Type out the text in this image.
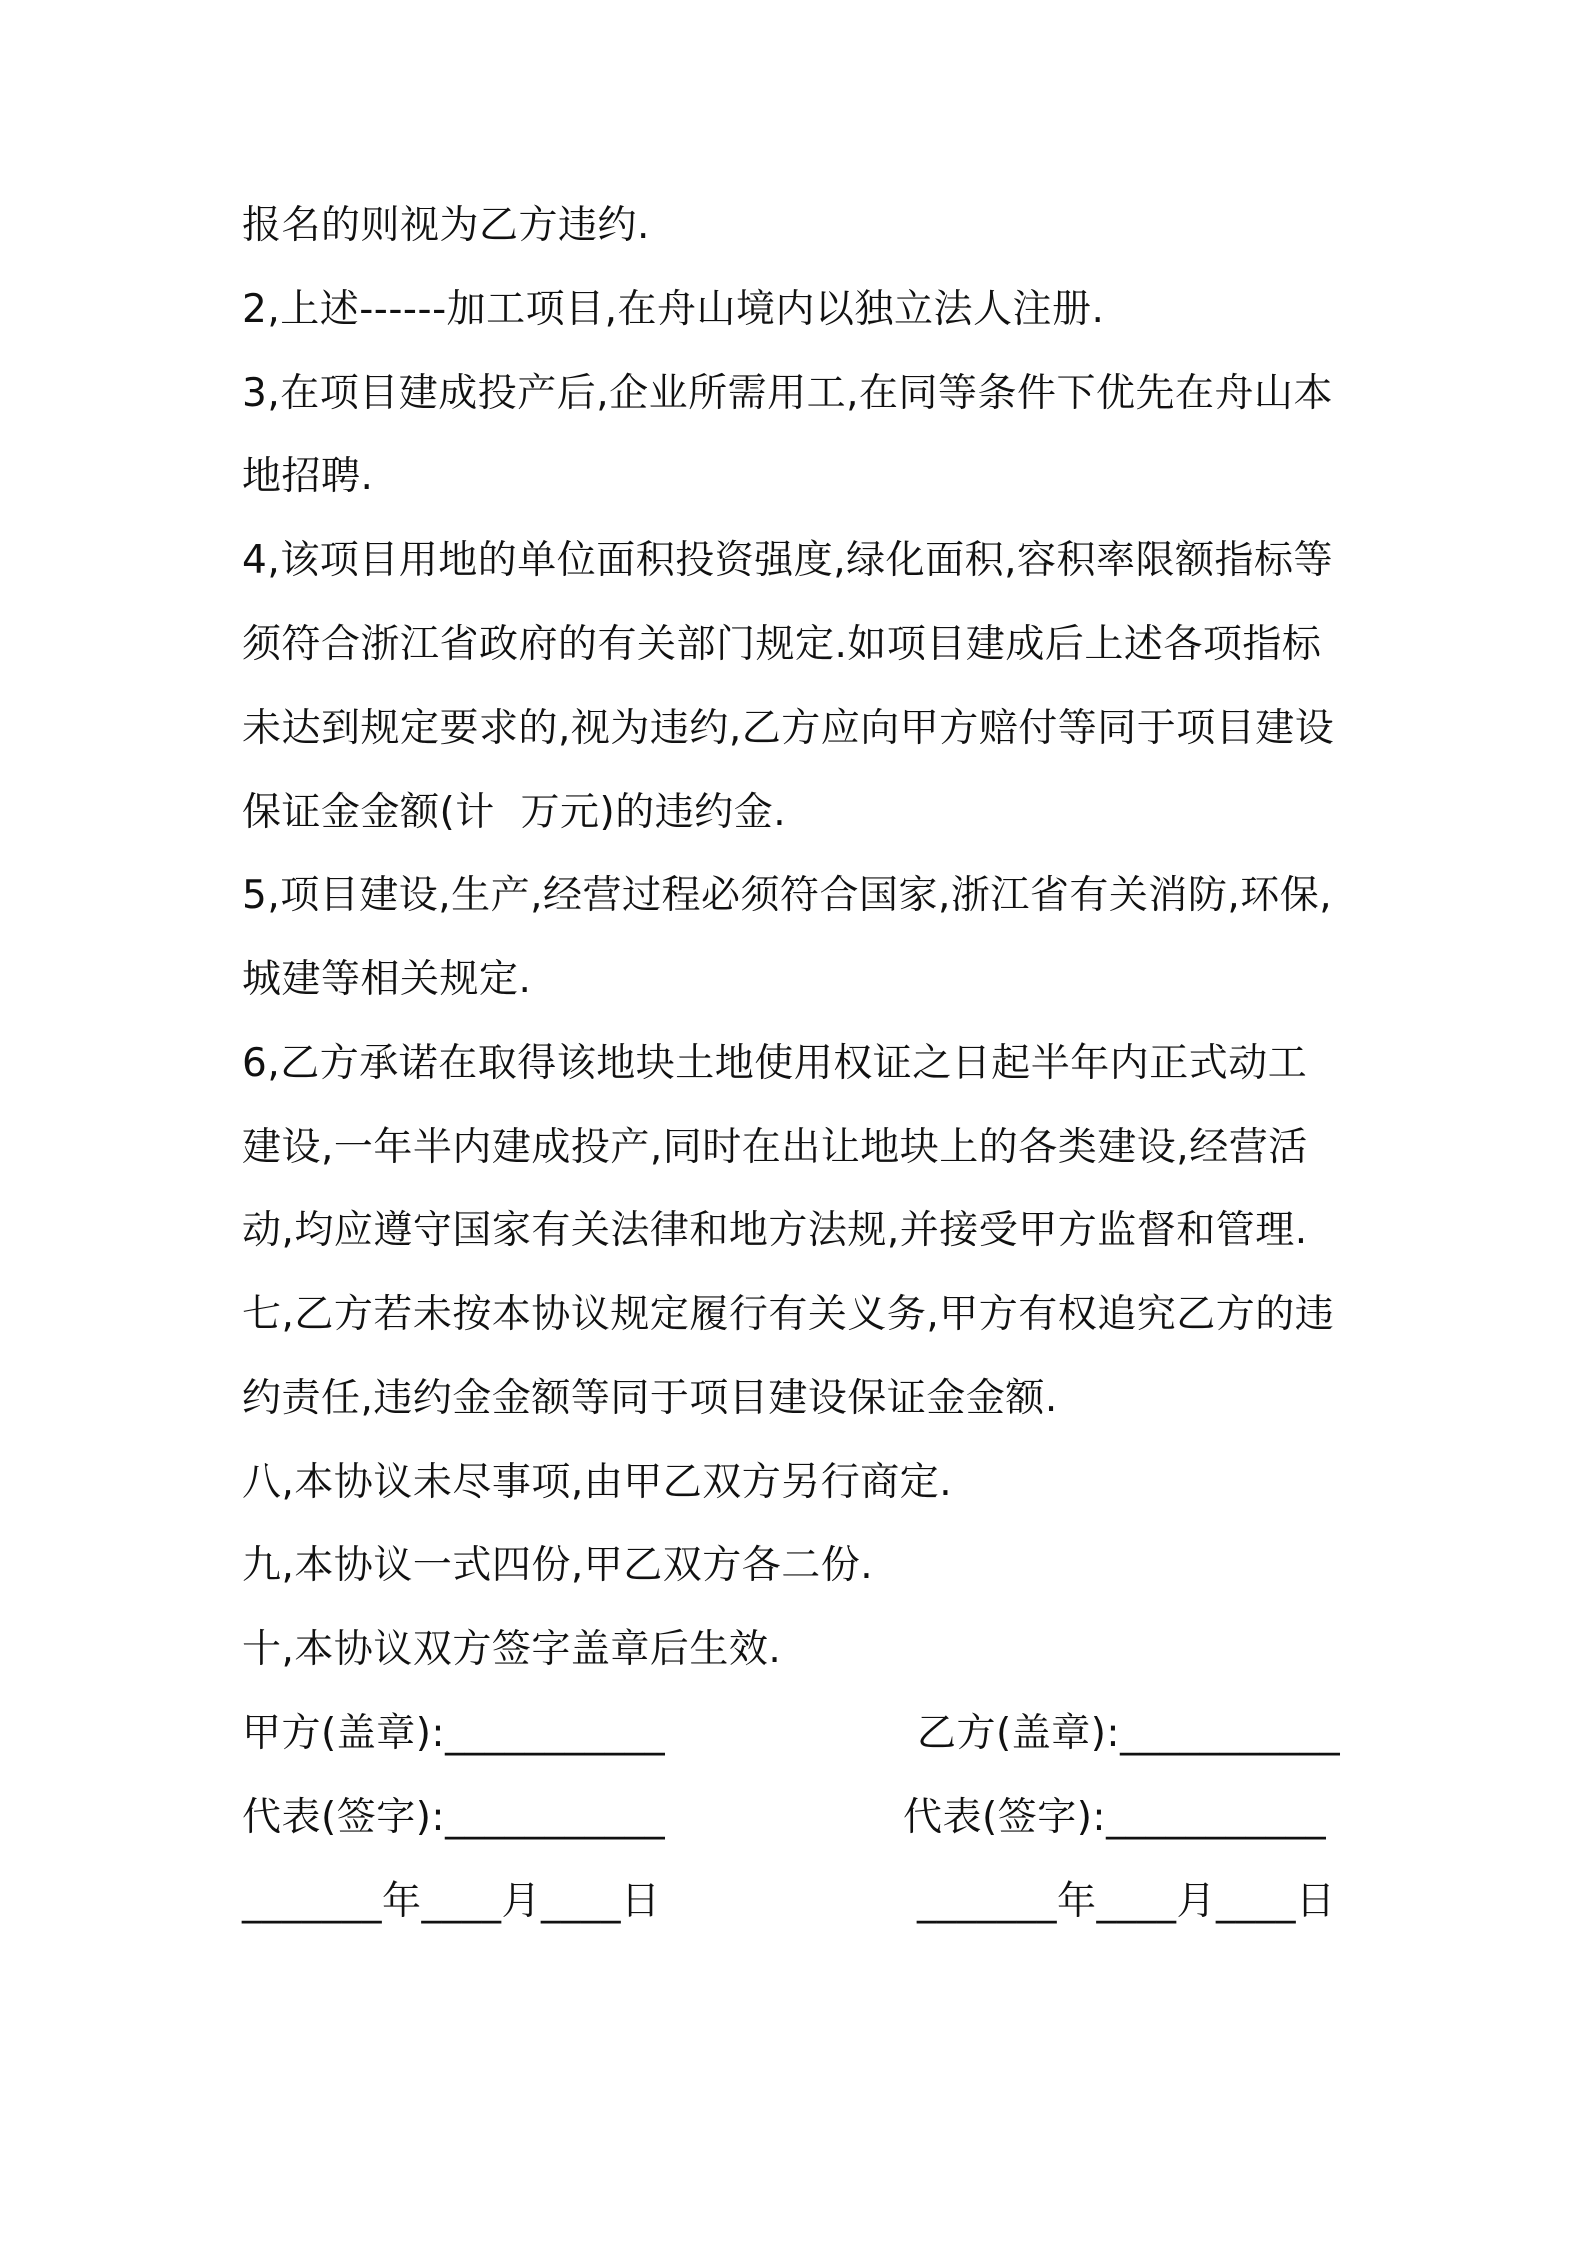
报名的则视为乙方违约.
2,上述------加工项目,在舟山境内以独立法人注册.
3,在项目建成投产后,企业所需用工,在同等条件下优先在舟山本
地招聘.
4,该项目用地的单位面积投资强度,绿化面积,容积率限额指标等
须符合浙江省政府的有关部门规定.如项目建成后上述各项指标
未达到规定要求的,视为违约,乙方应向甲方赔付等同于项目建设
保证金金额(计  万元)的违约金.
5,项目建设,生产,经营过程必须符合国家,浙江省有关消防,环保,
城建等相关规定.
6,乙方承诺在取得该地块土地使用权证之日起半年内正式动工
建设,一年半内建成投产,同时在出让地块上的各类建设,经营活
动,均应遵守国家有关法律和地方法规,并接受甲方监督和管理.
七,乙方若未按本协议规定履行有关义务,甲方有权追究乙方的违
约责任,违约金金额等同于项目建设保证金金额.
八,本协议未尽事项,由甲乙双方另行商定.
九,本协议一式四份,甲乙双方各二份.
十,本协议双方签字盖章后生效.
甲方(盖章):___________	乙方(盖章):___________
代表(签字):___________	代表(签字):___________
_______年____月____日	_______年____月____日
